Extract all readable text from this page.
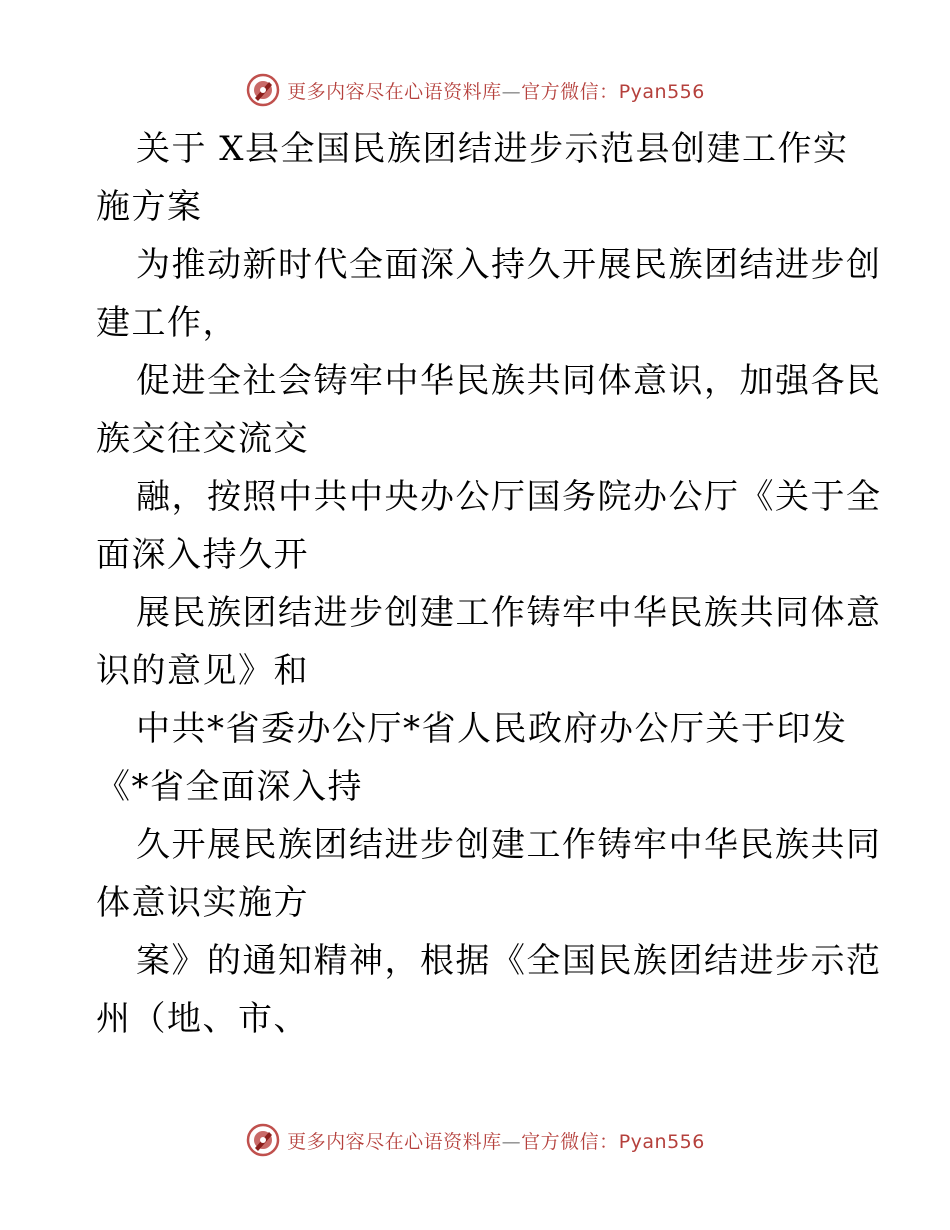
更多内容尽在心语资料库—官方微信：Pyan556
关于 X县全国民族团结进步示范县创建工作实
施方案
为推动新时代全面深入持久开展民族团结进步创
建工作，
促进全社会铸牢中华民族共同体意识，加强各民
族交往交流交
融，按照中共中央办公厅国务院办公厅《关于全
面深入持久开
展民族团结进步创建工作铸牢中华民族共同体意
识的意见》和
中共*省委办公厅*省人民政府办公厅关于印发
《*省全面深入持
久开展民族团结进步创建工作铸牢中华民族共同
体意识实施方
案》的通知精神，根据《全国民族团结进步示范
州（地、市、
更多内容尽在心语资料库—官方微信：Pyan556
